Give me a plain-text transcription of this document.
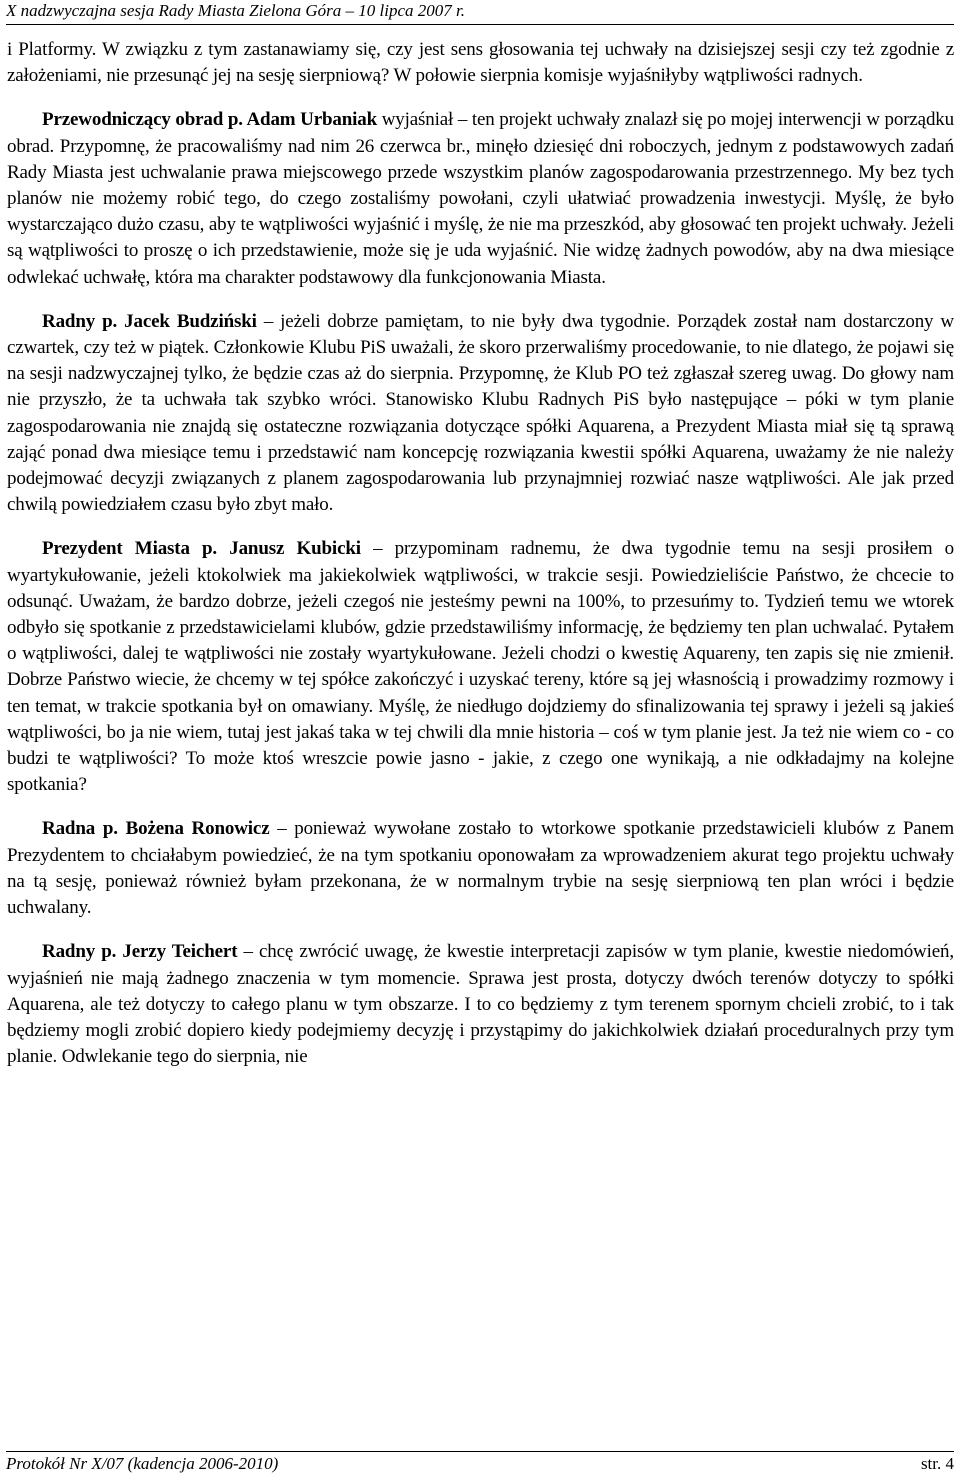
X nadzwyczajna sesja Rady Miasta Zielona Góra – 10 lipca 2007 r.

i Platformy. W związku z tym zastanawiamy się, czy jest sens głosowania tej uchwały na dzisiejszej sesji czy też zgodnie z założeniami, nie przesunąć jej na sesję sierpniową? W połowie sierpnia komisje wyjaśniłyby wątpliwości radnych.

Przewodniczący obrad p. Adam Urbaniak wyjaśniał – ten projekt uchwały znalazł się po mojej interwencji w porządku obrad. Przypomnę, że pracowaliśmy nad nim 26 czerwca br., minęło dziesięć dni roboczych, jednym z podstawowych zadań Rady Miasta jest uchwalanie prawa miejscowego przede wszystkim planów zagospodarowania przestrzennego. My bez tych planów nie możemy robić tego, do czego zostaliśmy powołani, czyli ułatwiać prowadzenia inwestycji. Myślę, że było wystarczająco dużo czasu, aby te wątpliwości wyjaśnić i myślę, że nie ma przeszkód, aby głosować ten projekt uchwały. Jeżeli są wątpliwości to proszę o ich przedstawienie, może się je uda wyjaśnić. Nie widzę żadnych powodów, aby na dwa miesiące odwlekać uchwałę, która ma charakter podstawowy dla funkcjonowania Miasta.

Radny p. Jacek Budziński – jeżeli dobrze pamiętam, to nie były dwa tygodnie. Porządek został nam dostarczony w czwartek, czy też w piątek. Członkowie Klubu PiS uważali, że skoro przerwaliśmy procedowanie, to nie dlatego, że pojawi się na sesji nadzwyczajnej tylko, że będzie czas aż do sierpnia. Przypomnę, że Klub PO też zgłaszał szereg uwag. Do głowy nam nie przyszło, że ta uchwała tak szybko wróci. Stanowisko Klubu Radnych PiS było następujące – póki w tym planie zagospodarowania nie znajdą się ostateczne rozwiązania dotyczące spółki Aquarena, a Prezydent Miasta miał się tą sprawą zająć ponad dwa miesiące temu i przedstawić nam koncepcję rozwiązania kwestii spółki Aquarena, uważamy że nie należy podejmować decyzji związanych z planem zagospodarowania lub przynajmniej rozwiać nasze wątpliwości. Ale jak przed chwilą powiedziałem czasu było zbyt mało.

Prezydent Miasta p. Janusz Kubicki – przypominam radnemu, że dwa tygodnie temu na sesji prosiłem o wyartykułowanie, jeżeli ktokolwiek ma jakiekolwiek wątpliwości, w trakcie sesji. Powiedzieliście Państwo, że chcecie to odsunąć. Uważam, że bardzo dobrze, jeżeli czegoś nie jesteśmy pewni na 100%, to przesuńmy to. Tydzień temu we wtorek odbyło się spotkanie z przedstawicielami klubów, gdzie przedstawiliśmy informację, że będziemy ten plan uchwalać. Pytałem o wątpliwości, dalej te wątpliwości nie zostały wyartykułowane. Jeżeli chodzi o kwestię Aquareny, ten zapis się nie zmienił. Dobrze Państwo wiecie, że chcemy w tej spółce zakończyć i uzyskać tereny, które są jej własnością i prowadzimy rozmowy i ten temat, w trakcie spotkania był on omawiany. Myślę, że niedługo dojdziemy do sfinalizowania tej sprawy i jeżeli są jakieś wątpliwości, bo ja nie wiem, tutaj jest jakaś taka w tej chwili dla mnie historia – coś w tym planie jest. Ja też nie wiem co - co budzi te wątpliwości? To może ktoś wreszcie powie jasno - jakie, z czego one wynikają, a nie odkładajmy na kolejne spotkania?

Radna p. Bożena Ronowicz – ponieważ wywołane zostało to wtorkowe spotkanie przedstawicieli klubów z Panem Prezydentem to chciałabym powiedzieć, że na tym spotkaniu oponowałam za wprowadzeniem akurat tego projektu uchwały na tą sesję, ponieważ również byłam przekonana, że w normalnym trybie na sesję sierpniową ten plan wróci i będzie uchwalany.

Radny p. Jerzy Teichert – chcę zwrócić uwagę, że kwestie interpretacji zapisów w tym planie, kwestie niedomówień, wyjaśnień nie mają żadnego znaczenia w tym momencie. Sprawa jest prosta, dotyczy dwóch terenów dotyczy to spółki Aquarena, ale też dotyczy to całego planu w tym obszarze. I to co będziemy z tym terenem spornym chcieli zrobić, to i tak będziemy mogli zrobić dopiero kiedy podejmiemy decyzję i przystąpimy do jakichkolwiek działań proceduralnych przy tym planie. Odwlekanie tego do sierpnia, nie

Protokół Nr X/07 (kadencja 2006-2010)	str. 4
